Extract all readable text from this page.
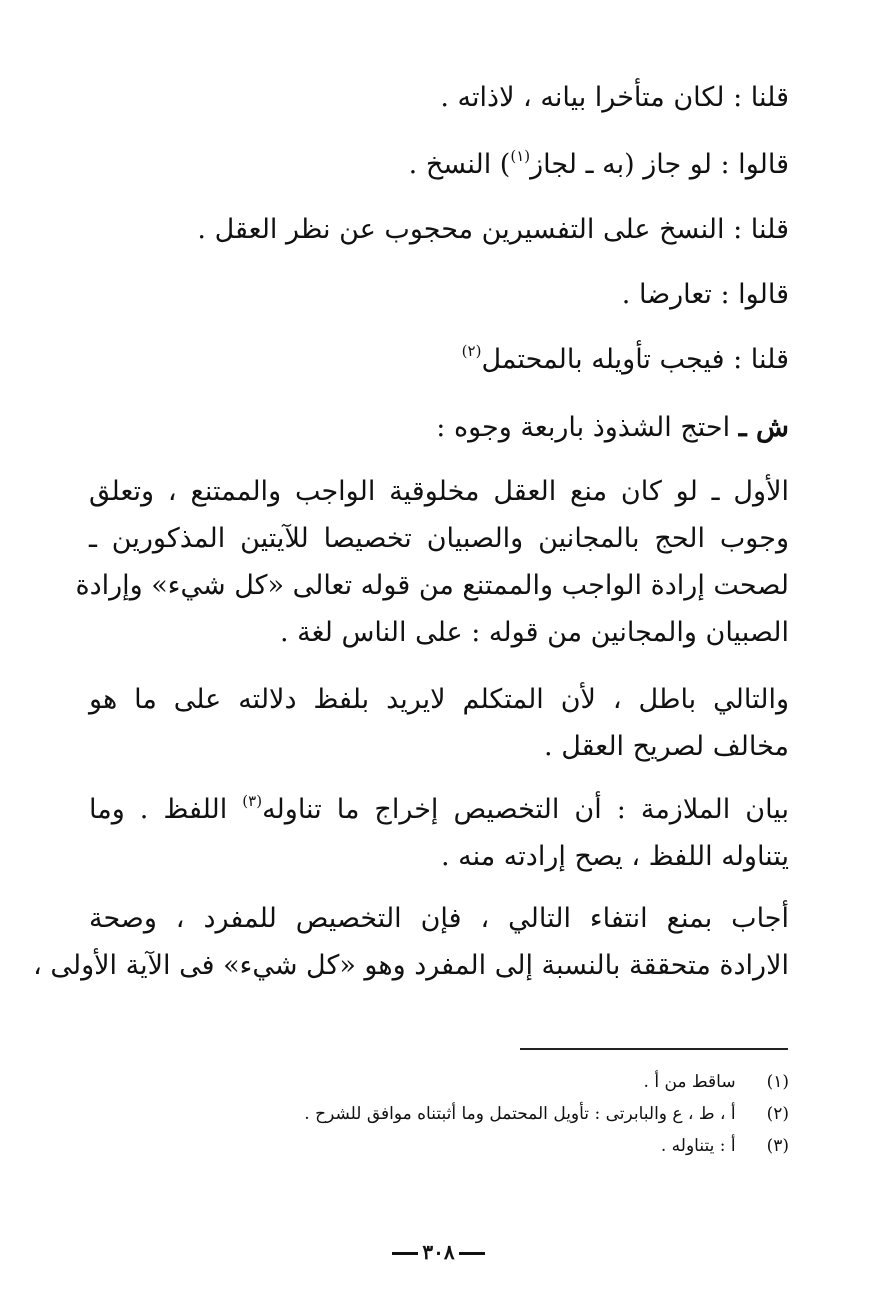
قلنا : لكان متأخرا بيانه ، لاذاته .
قالوا : لو جاز (به ـ لجاز$^{(١)}$) النسخ .
قلنا : النسخ على التفسيرين محجوب عن نظر العقل .
قالوا : تعارضا .
قلنا : فيجب تأويله بالمحتمل$^{(٢)}$
ش ـ احتج الشذوذ باربعة وجوه :
الأول ـ لو كان منع العقل مخلوقية الواجب والممتنع ، وتعلق
وجوب الحج بالمجانين والصبيان تخصيصا للآيتين المذكورين ـ
لصحت إرادة الواجب والممتنع من قوله تعالى «كل شيء» وإرادة
الصبيان والمجانين من قوله : على الناس لغة .
والتالي باطل ، لأن المتكلم لايريد بلفظ دلالته على ما هو
مخالف لصريح العقل .
بيان الملازمة : أن التخصيص إخراج ما تناوله$^{(٣)}$ اللفظ . وما
يتناوله اللفظ ، يصح إرادته منه .
أجاب بمنع انتفاء التالي ، فإن التخصيص للمفرد ، وصحة
الارادة متحققة بالنسبة إلى المفرد وهو «كل شيء» فى الآية الأولى ،
(١) ساقط من أ .
(٢) أ ، ط ، ع والبابرتى : تأويل المحتمل وما أثبتناه موافق للشرح .
(٣) أ : يتناوله .
٣٠٨
